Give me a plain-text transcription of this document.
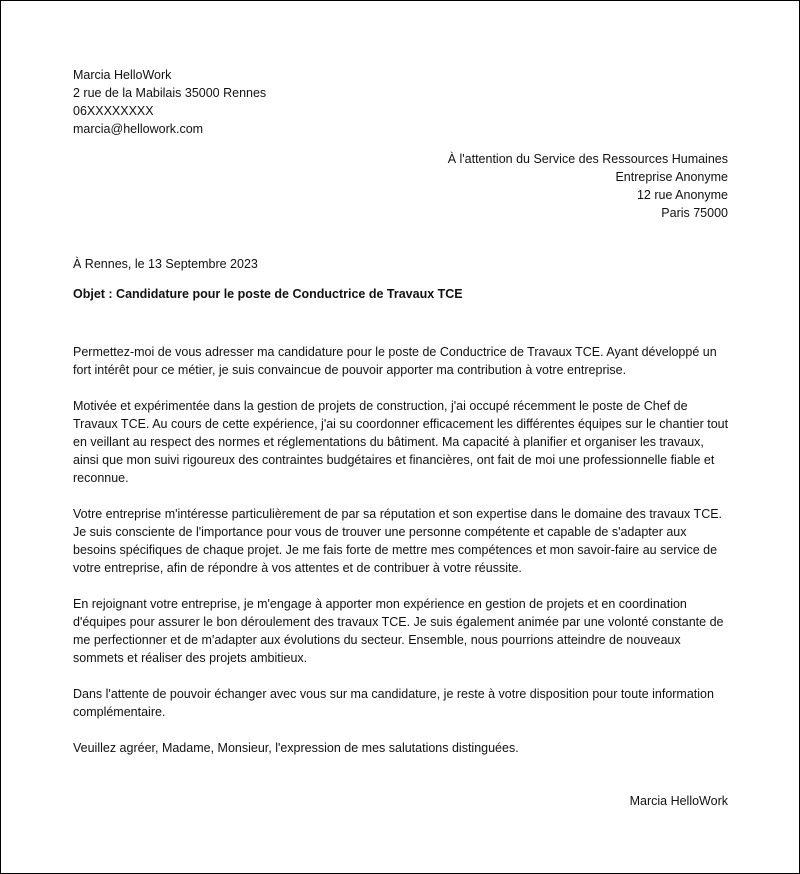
Marcia HelloWork
2 rue de la Mabilais 35000 Rennes
06XXXXXXXX
marcia@hellowork.com
À l'attention du Service des Ressources Humaines
Entreprise Anonyme
12 rue Anonyme
Paris 75000
À Rennes, le 13 Septembre 2023
Objet : Candidature pour le poste de Conductrice de Travaux TCE

Permettez-moi de vous adresser ma candidature pour le poste de Conductrice de Travaux TCE. Ayant développé un fort intérêt pour ce métier, je suis convaincue de pouvoir apporter ma contribution à votre entreprise.

Motivée et expérimentée dans la gestion de projets de construction, j'ai occupé récemment le poste de Chef de Travaux TCE. Au cours de cette expérience, j'ai su coordonner efficacement les différentes équipes sur le chantier tout en veillant au respect des normes et réglementations du bâtiment. Ma capacité à planifier et organiser les travaux, ainsi que mon suivi rigoureux des contraintes budgétaires et financières, ont fait de moi une professionnelle fiable et reconnue.

Votre entreprise m'intéresse particulièrement de par sa réputation et son expertise dans le domaine des travaux TCE. Je suis consciente de l'importance pour vous de trouver une personne compétente et capable de s'adapter aux besoins spécifiques de chaque projet. Je me fais forte de mettre mes compétences et mon savoir-faire au service de votre entreprise, afin de répondre à vos attentes et de contribuer à votre réussite.

En rejoignant votre entreprise, je m'engage à apporter mon expérience en gestion de projets et en coordination d'équipes pour assurer le bon déroulement des travaux TCE. Je suis également animée par une volonté constante de me perfectionner et de m'adapter aux évolutions du secteur. Ensemble, nous pourrions atteindre de nouveaux sommets et réaliser des projets ambitieux.

Dans l'attente de pouvoir échanger avec vous sur ma candidature, je reste à votre disposition pour toute information complémentaire.

Veuillez agréer, Madame, Monsieur, l'expression de mes salutations distinguées.

Marcia HelloWork
